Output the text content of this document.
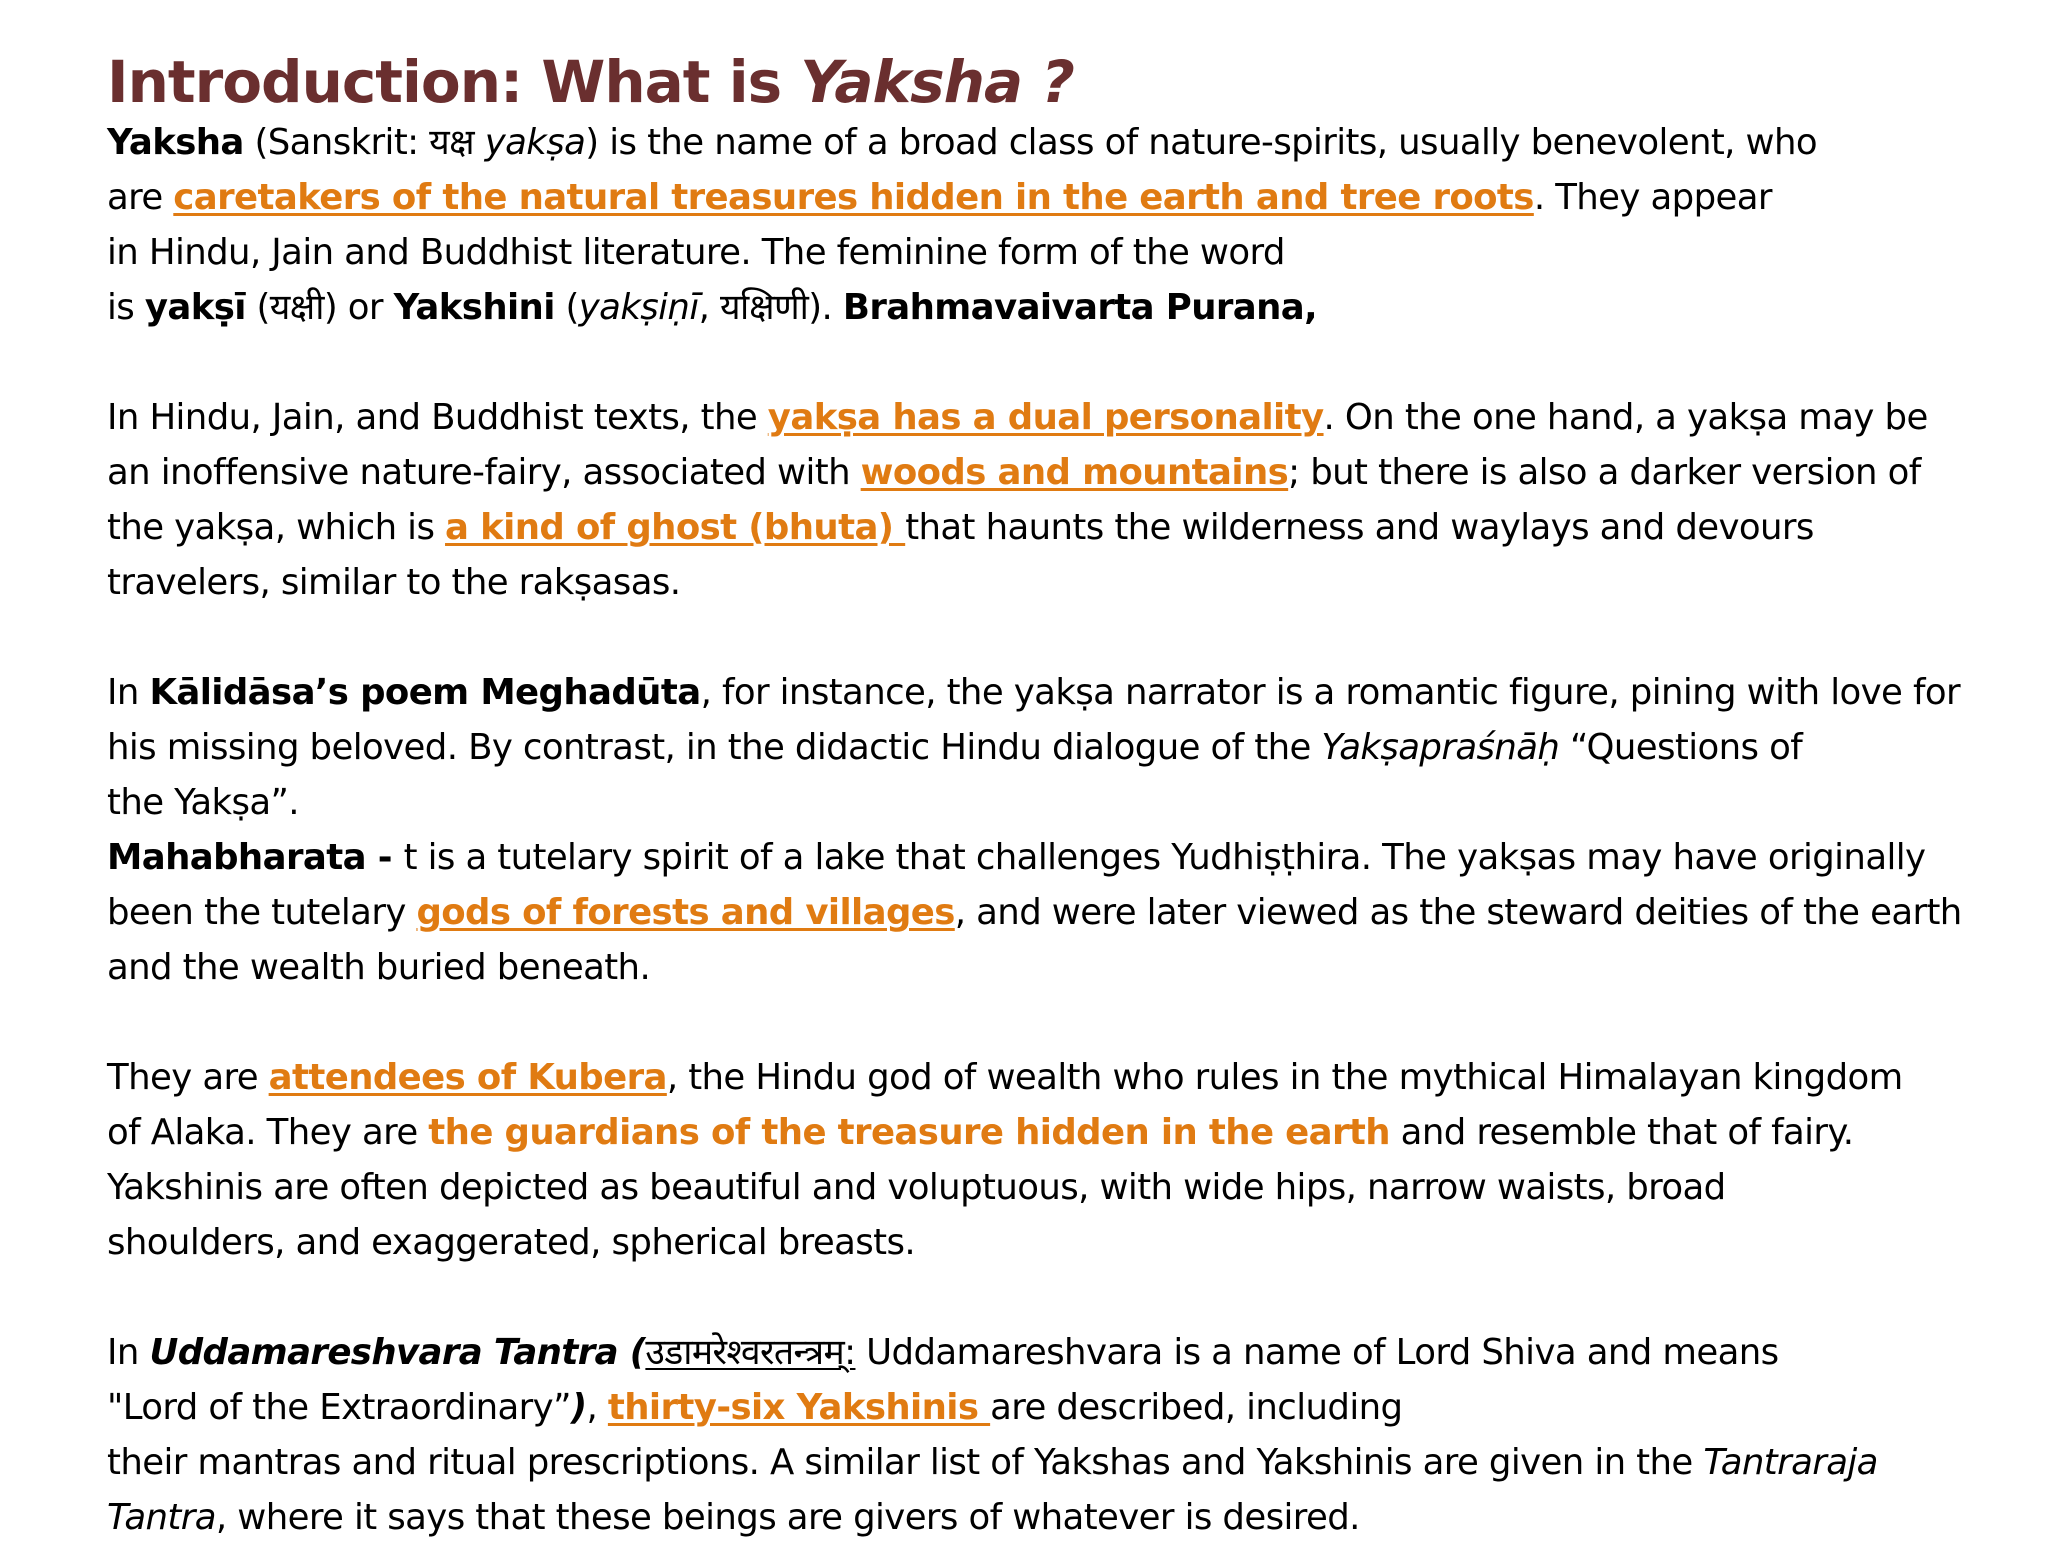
Introduction: What is Yaksha ?
Yaksha (Sanskrit: यक्ष yakṣa) is the name of a broad class of nature-spirits, usually benevolent, who
are caretakers of the natural treasures hidden in the earth and tree roots. They appear
in Hindu, Jain and Buddhist literature. The feminine form of the word
is yakṣī (यक्षी) or Yakshini (yakṣiṇī, यक्षिणी). Brahmavaivarta Purana,
In Hindu, Jain, and Buddhist texts, the yakṣa has a dual personality. On the one hand, a yakṣa may be
an inoffensive nature-fairy, associated with woods and mountains; but there is also a darker version of
the yakṣa, which is a kind of ghost (bhuta) that haunts the wilderness and waylays and devours
travelers, similar to the rakṣasas.
In Kālidāsa’s poem Meghadūta, for instance, the yakṣa narrator is a romantic figure, pining with love for
his missing beloved. By contrast, in the didactic Hindu dialogue of the Yakṣapraśnāḥ “Questions of
the Yakṣa”.
Mahabharata - t is a tutelary spirit of a lake that challenges Yudhiṣṭhira. The yakṣas may have originally
been the tutelary gods of forests and villages, and were later viewed as the steward deities of the earth
and the wealth buried beneath.
They are attendees of Kubera, the Hindu god of wealth who rules in the mythical Himalayan kingdom
of Alaka. They are the guardians of the treasure hidden in the earth and resemble that of fairy.
Yakshinis are often depicted as beautiful and voluptuous, with wide hips, narrow waists, broad
shoulders, and exaggerated, spherical breasts.
In Uddamareshvara Tantra (उडामरेश्वरतन्त्रम्: Uddamareshvara is a name of Lord Shiva and means
"Lord of the Extraordinary”), thirty-six Yakshinis are described, including
their mantras and ritual prescriptions. A similar list of Yakshas and Yakshinis are given in the Tantraraja
Tantra, where it says that these beings are givers of whatever is desired.
